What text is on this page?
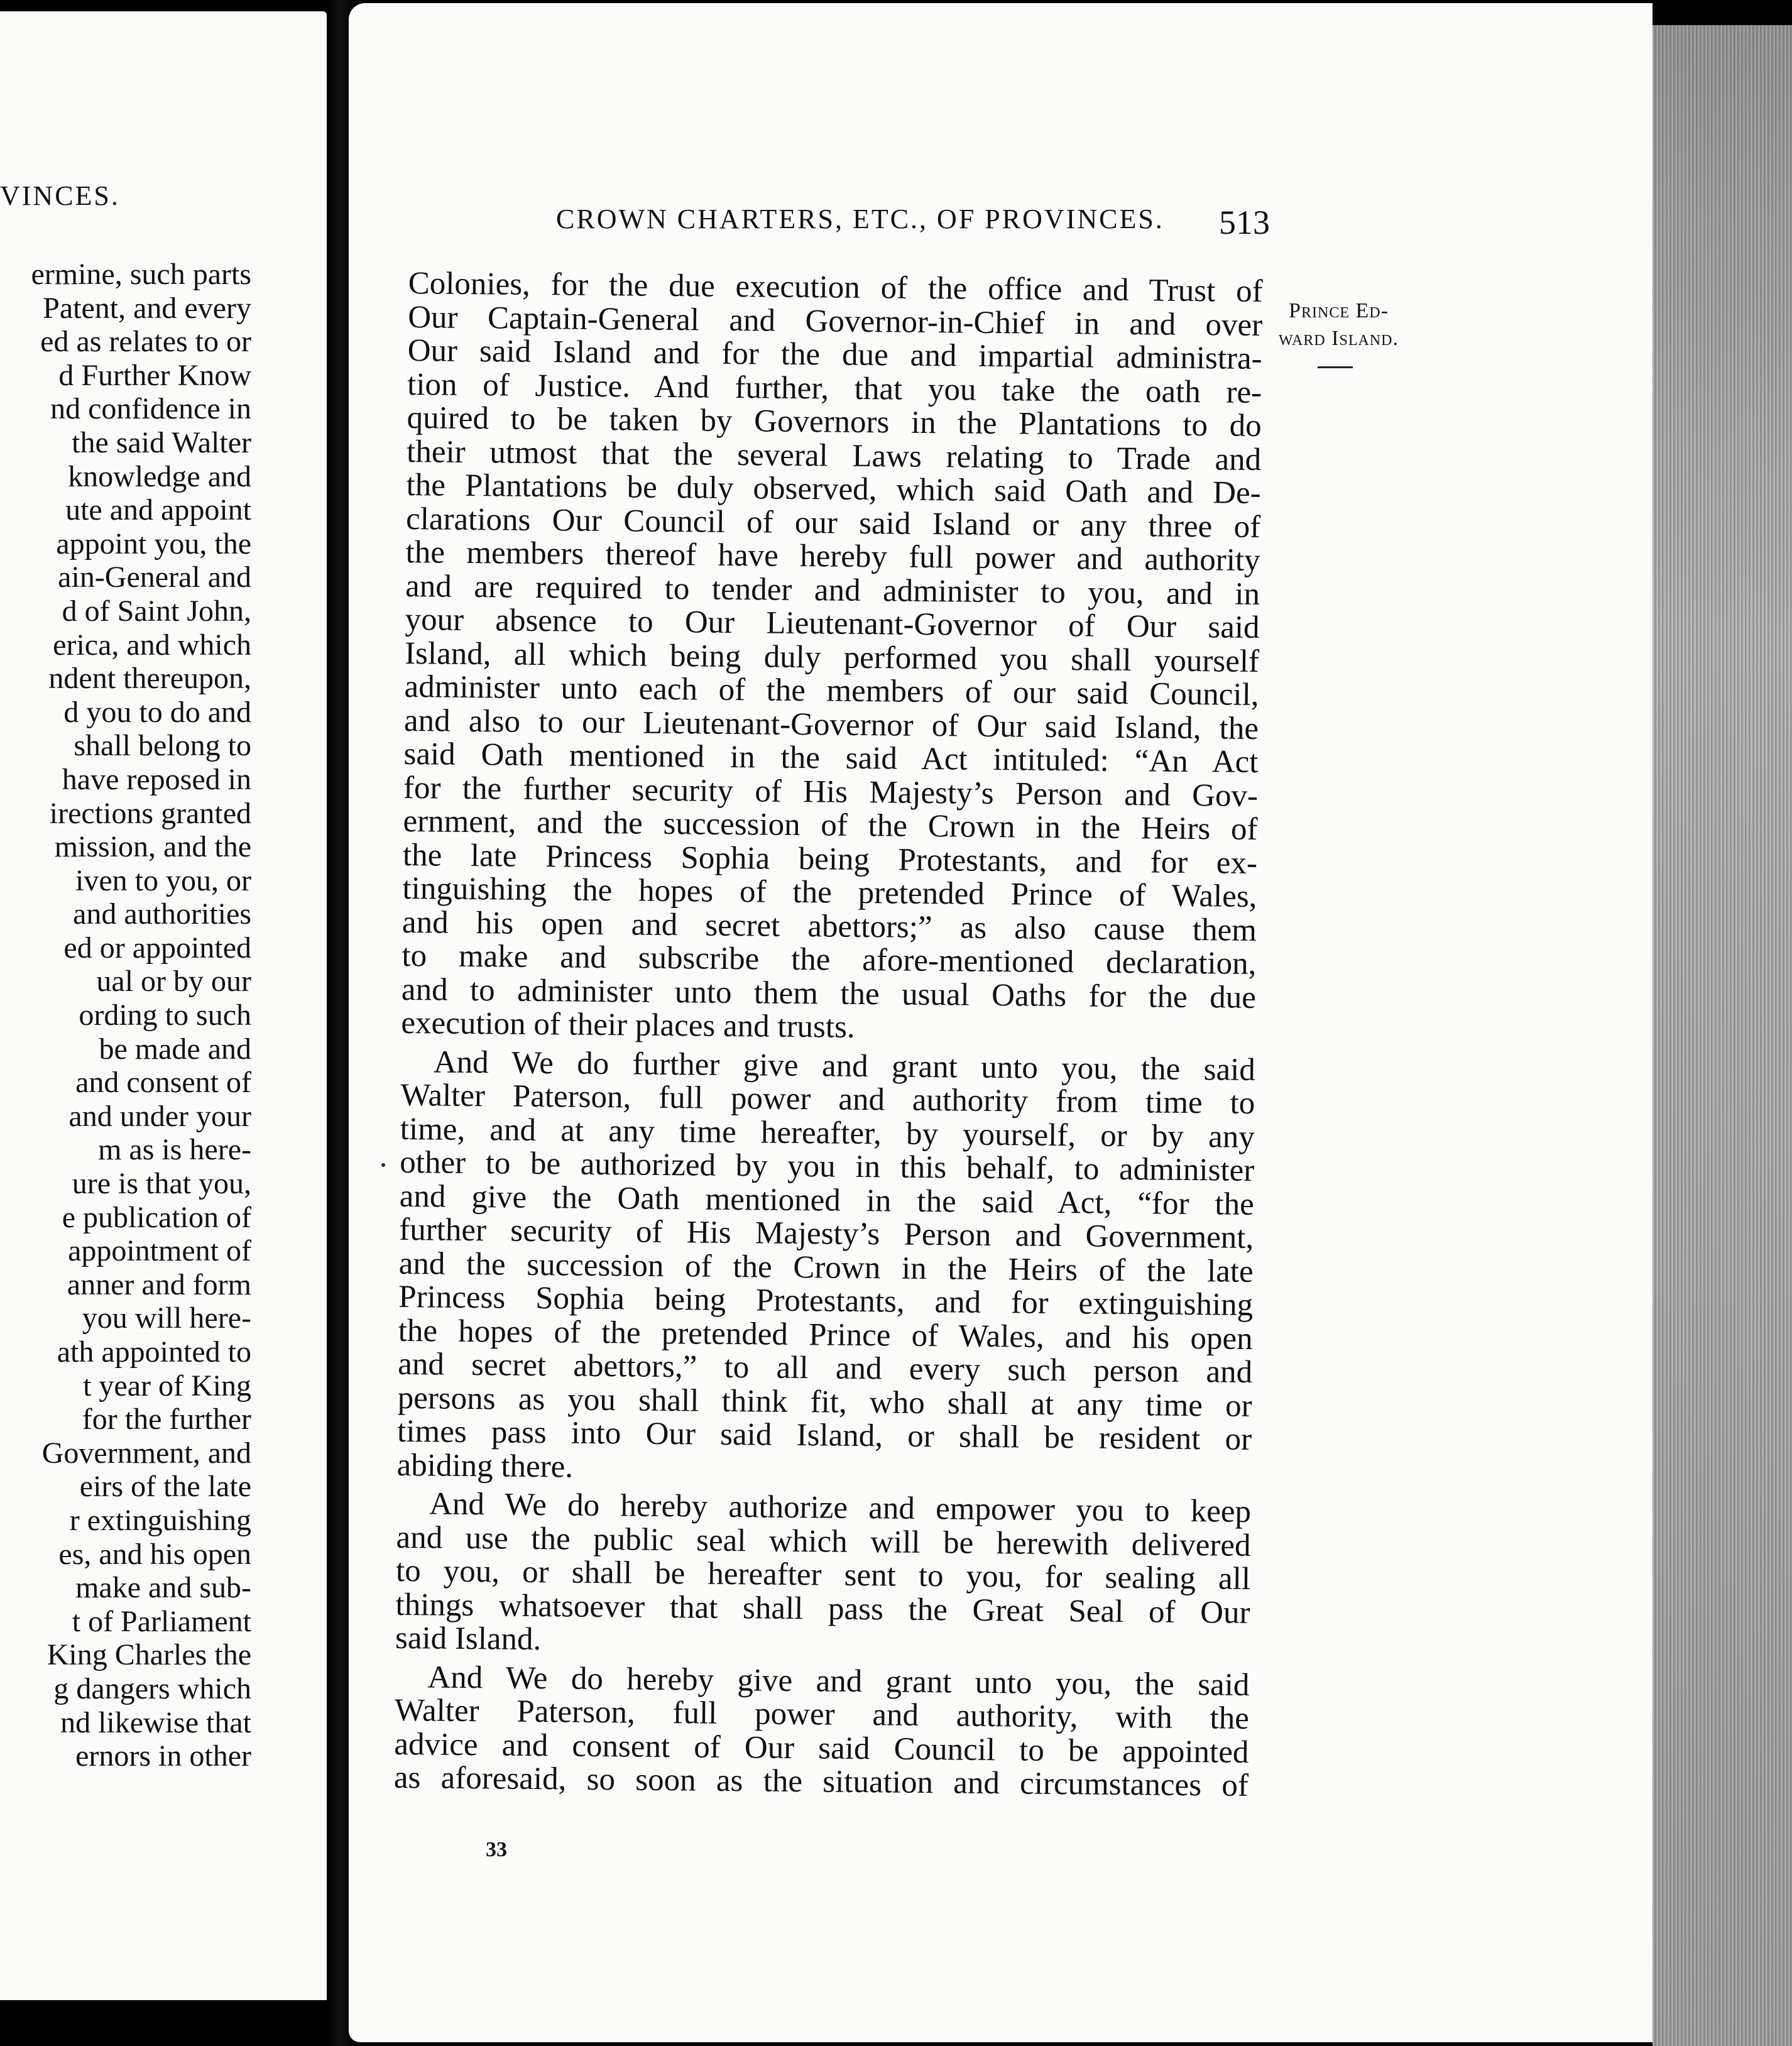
VINCES.
ermine, such parts
Patent, and every
ed as relates to or
d Further Know
nd confidence in
the said Walter
knowledge and
ute and appoint
appoint you, the
ain-General and
d of Saint John,
erica, and which
ndent thereupon,
d you to do and
shall belong to
have reposed in
irections granted
mission, and the
iven to you, or
and authorities
ed or appointed
ual or by our
ording to such
be made and
and consent of
and under your
m as is here-
ure is that you,
e publication of
appointment of
anner and form
you will here-
ath appointed to
t year of King
for the further
Government, and
eirs of the late
r extinguishing
es, and his open
make and sub-
t of Parliament
King Charles the
g dangers which
nd likewise that
ernors in other
CROWN CHARTERS, ETC., OF PROVINCES. 513
Prince Ed-
ward Island.
Colonies, for the due execution of the office and Trust of
Our Captain-General and Governor-in-Chief in and over
Our said Island and for the due and impartial administra-
tion of Justice. And further, that you take the oath re-
quired to be taken by Governors in the Plantations to do
their utmost that the several Laws relating to Trade and
the Plantations be duly observed, which said Oath and De-
clarations Our Council of our said Island or any three of
the members thereof have hereby full power and authority
and are required to tender and administer to you, and in
your absence to Our Lieutenant-Governor of Our said
Island, all which being duly performed you shall yourself
administer unto each of the members of our said Council,
and also to our Lieutenant-Governor of Our said Island, the
said Oath mentioned in the said Act intituled: “An Act
for the further security of His Majesty’s Person and Gov-
ernment, and the succession of the Crown in the Heirs of
the late Princess Sophia being Protestants, and for ex-
tinguishing the hopes of the pretended Prince of Wales,
and his open and secret abettors;” as also cause them
to make and subscribe the afore-mentioned declaration,
and to administer unto them the usual Oaths for the due
execution of their places and trusts.
And We do further give and grant unto you, the said
Walter Paterson, full power and authority from time to
time, and at any time hereafter, by yourself, or by any
other to be authorized by you in this behalf, to administer
and give the Oath mentioned in the said Act, “for the
further security of His Majesty’s Person and Government,
and the succession of the Crown in the Heirs of the late
Princess Sophia being Protestants, and for extinguishing
the hopes of the pretended Prince of Wales, and his open
and secret abettors,” to all and every such person and
persons as you shall think fit, who shall at any time or
times pass into Our said Island, or shall be resident or
abiding there.
And We do hereby authorize and empower you to keep
and use the public seal which will be herewith delivered
to you, or shall be hereafter sent to you, for sealing all
things whatsoever that shall pass the Great Seal of Our
said Island.
And We do hereby give and grant unto you, the said
Walter Paterson, full power and authority, with the
advice and consent of Our said Council to be appointed
as aforesaid, so soon as the situation and circumstances of
33
